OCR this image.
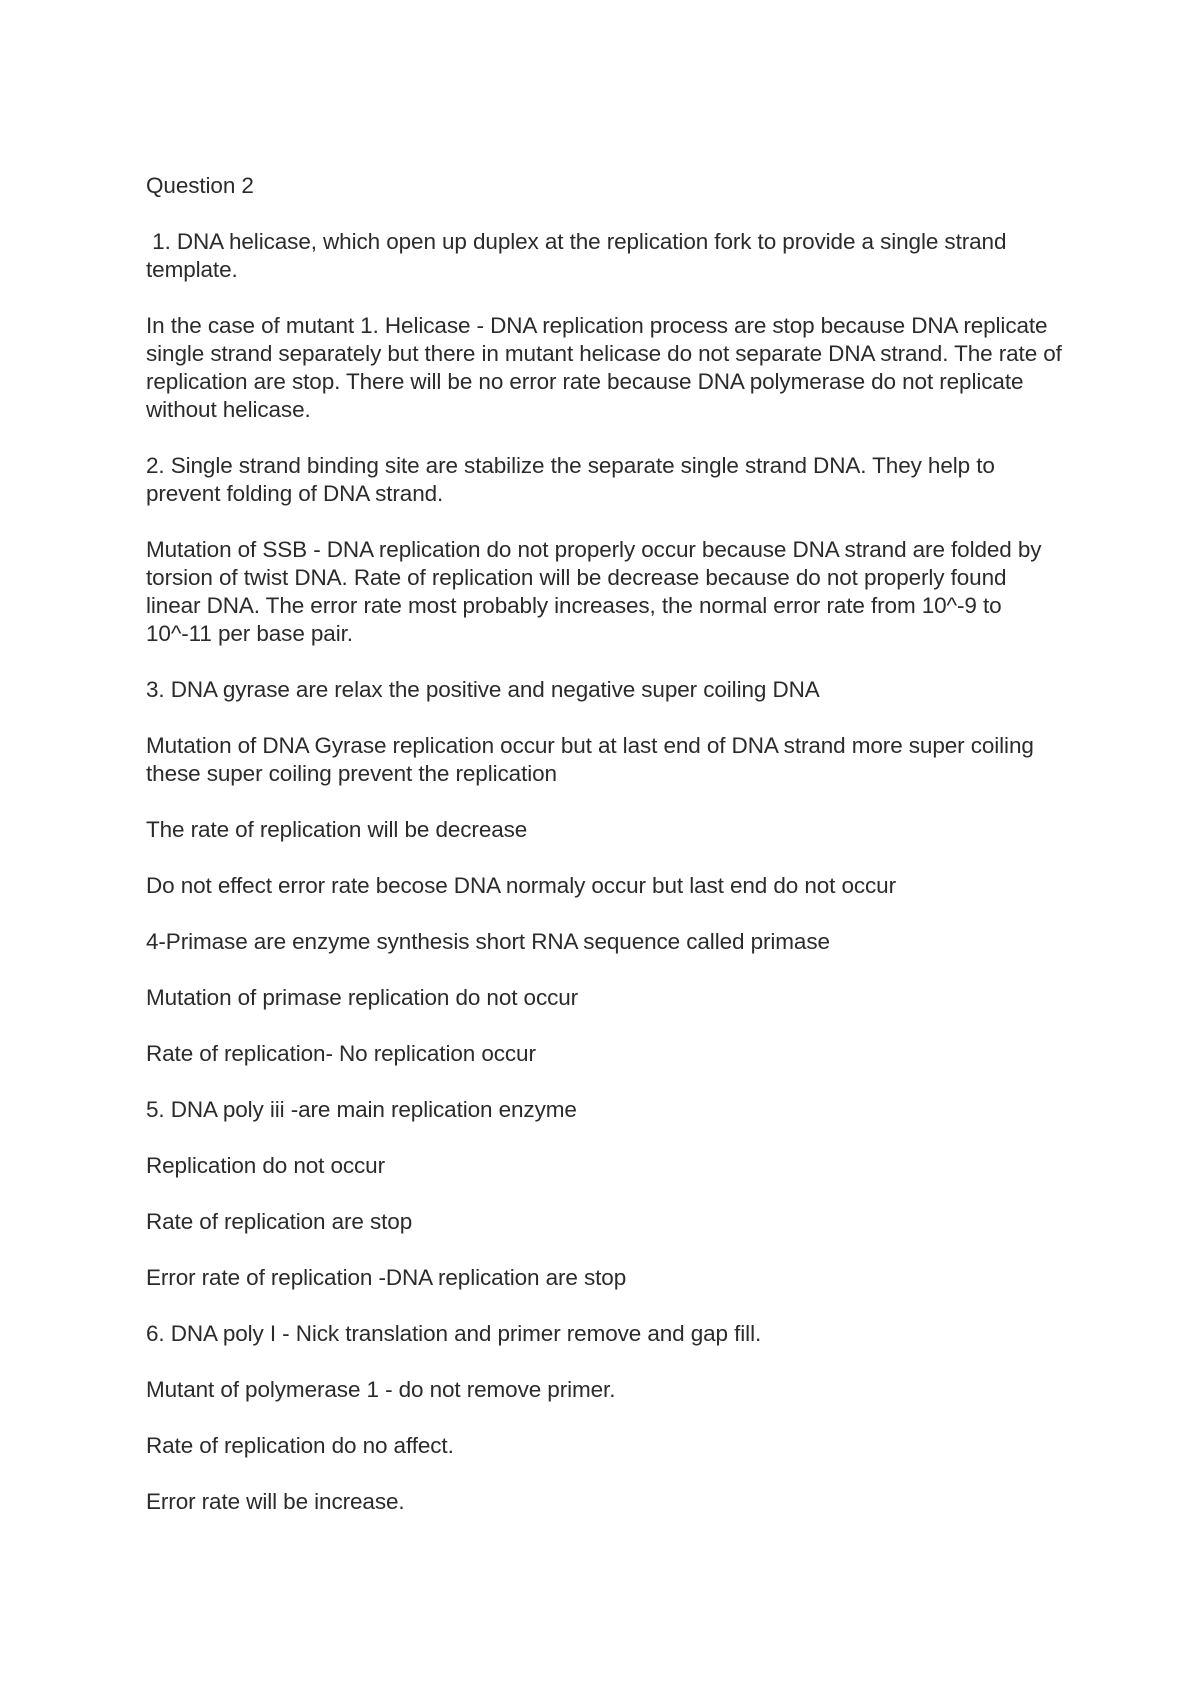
Question 2

1. DNA helicase, which open up duplex at the replication fork to provide a single strand template.

In the case of mutant 1. Helicase - DNA replication process are stop because DNA replicate single strand separately but there in mutant helicase do not separate DNA strand. The rate of replication are stop. There will be no error rate because DNA polymerase do not replicate without helicase.

2. Single strand binding site are stabilize the separate single strand DNA. They help to prevent folding of DNA strand.

Mutation of SSB - DNA replication do not properly occur because DNA strand are folded by torsion of twist DNA. Rate of replication will be decrease because do not properly found linear DNA. The error rate most probably increases, the normal error rate from 10^-9 to 10^-11 per base pair.

3. DNA gyrase are relax the positive and negative super coiling DNA

Mutation of DNA Gyrase replication occur but at last end of DNA strand more super coiling these super coiling prevent the replication

The rate of replication will be decrease

Do not effect error rate becose DNA normaly occur but last end do not occur

4-Primase are enzyme synthesis short RNA sequence called primase

Mutation of primase replication do not occur

Rate of replication- No replication occur

5. DNA poly iii -are main replication enzyme

Replication do not occur

Rate of replication are stop

Error rate of replication -DNA replication are stop

6. DNA poly I - Nick translation and primer remove and gap fill.

Mutant of polymerase 1 - do not remove primer.

Rate of replication do no affect.

Error rate will be increase.
